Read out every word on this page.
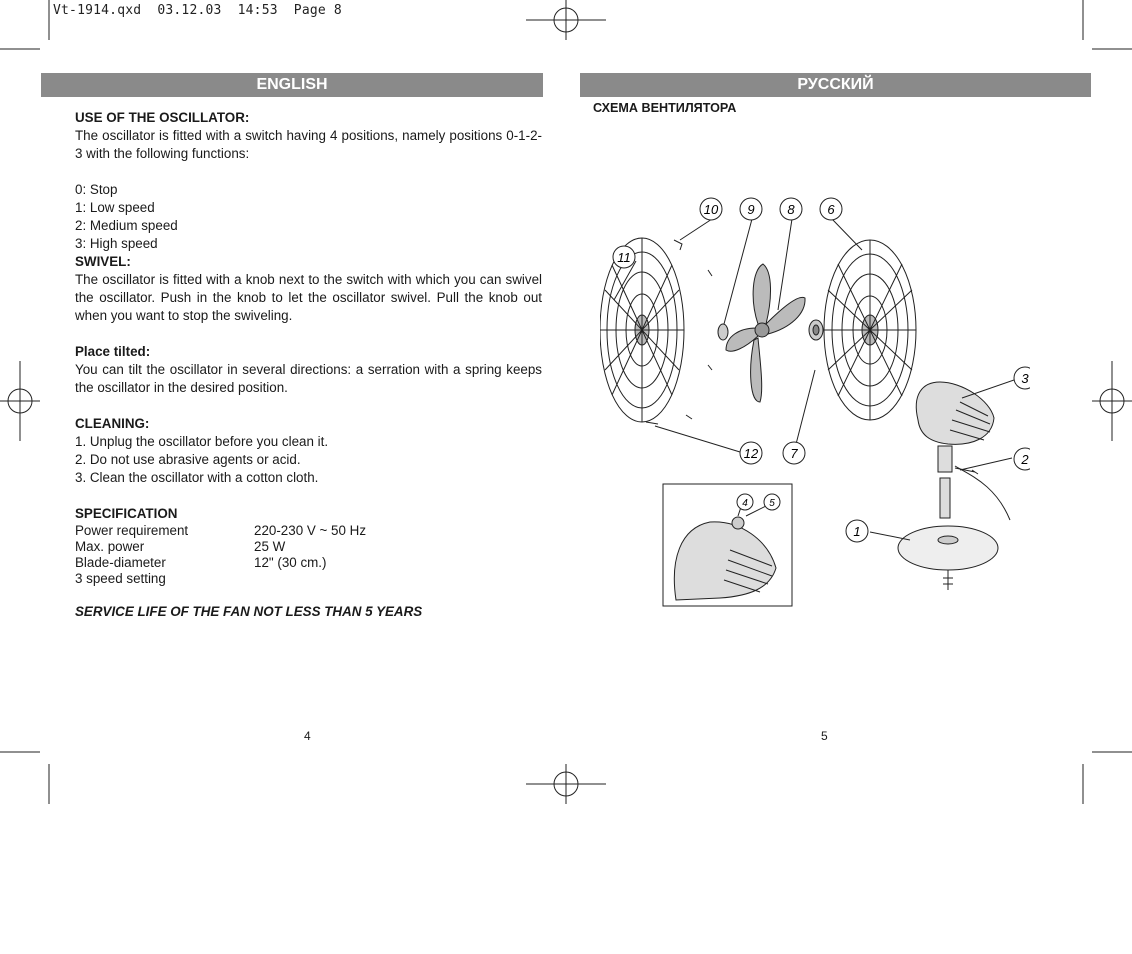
Vt-1914.qxd  03.12.03  14:53  Page 8
ENGLISH	РУССКИЙ

USE OF THE OSCILLATOR:

The oscillator is fitted with a switch having 4 positions, namely positions 0-1-2-3 with the following functions:

0: Stop

1: Low speed

2: Medium speed

3: High speed

SWIVEL:

The oscillator is fitted with a knob next to the switch with which you can swivel the oscillator. Push in the knob to let the oscillator swivel. Pull the knob out when you want to stop the swiveling.

Place tilted:

You can tilt the oscillator in several directions: a serration with a spring keeps the oscillator in the desired position.

CLEANING:

1. Unplug the oscillator before you clean it.

2. Do not use abrasive agents or acid.

3. Clean the oscillator with a cotton cloth.

SPECIFICATION

Power requirement	220-230 V ~ 50 Hz
Max. power	25 W
Blade-diameter	12" (30 cm.)
3 speed setting

SERVICE LIFE OF THE FAN NOT LESS THAN 5 YEARS

СХЕМА ВЕНТИЛЯТОРА
10 9	8	6
11
3
2
12 7
1
4 5
4	5
